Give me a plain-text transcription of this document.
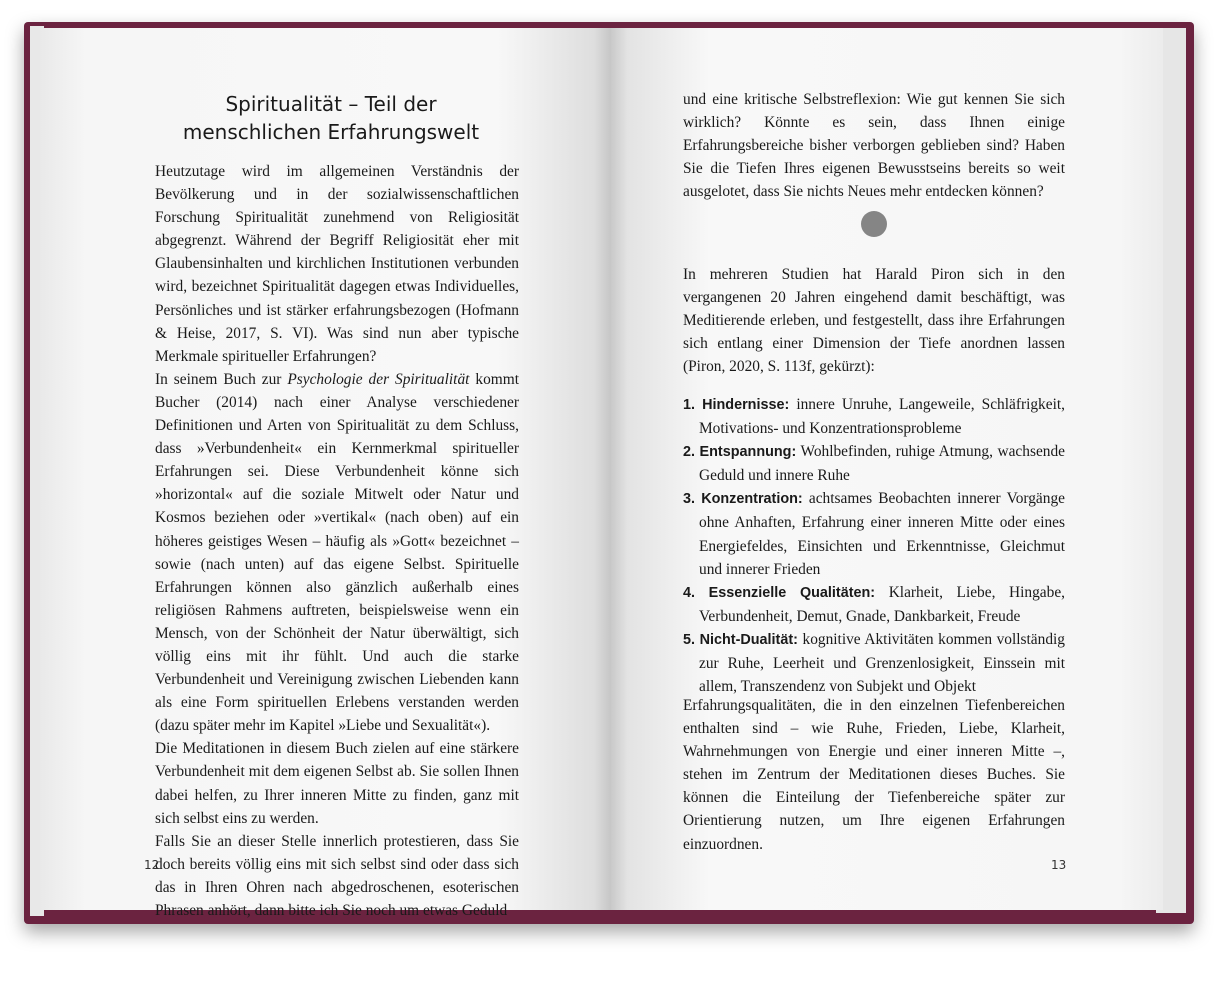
Spiritualität – Teil der
menschlichen Erfahrungswelt

Heutzutage wird im allgemeinen Verständnis der Bevölkerung und in der sozialwissenschaftlichen Forschung Spiritualität zunehmend von Religiosität abgegrenzt. Während der Begriff Religiosität eher mit Glaubensinhalten und kirchlichen Institutionen verbunden wird, bezeichnet Spiritualität dagegen etwas Individuelles, Persönliches und ist stärker erfahrungsbezogen (Hofmann & Heise, 2017, S. VI). Was sind nun aber typische Merkmale spiritueller Erfahrungen?

In seinem Buch zur Psychologie der Spiritualität kommt Bucher (2014) nach einer Analyse verschiedener Definitionen und Arten von Spiritualität zu dem Schluss, dass »Verbundenheit« ein Kernmerkmal spiritueller Erfahrungen sei. Diese Verbundenheit könne sich »horizontal« auf die soziale Mitwelt oder Natur und Kosmos beziehen oder »vertikal« (nach oben) auf ein höheres geistiges Wesen – häufig als »Gott« bezeichnet – sowie (nach unten) auf das eigene Selbst. Spirituelle Erfahrungen können also gänzlich außerhalb eines religiösen Rahmens auftreten, beispielsweise wenn ein Mensch, von der Schönheit der Natur überwältigt, sich völlig eins mit ihr fühlt. Und auch die starke Verbundenheit und Vereinigung zwischen Liebenden kann als eine Form spirituellen Erlebens verstanden werden (dazu später mehr im Kapitel »Liebe und Sexualität«).

Die Meditationen in diesem Buch zielen auf eine stärkere Verbundenheit mit dem eigenen Selbst ab. Sie sollen Ihnen dabei helfen, zu Ihrer inneren Mitte zu finden, ganz mit sich selbst eins zu werden.

Falls Sie an dieser Stelle innerlich protestieren, dass Sie doch bereits völlig eins mit sich selbst sind oder dass sich das in Ihren Ohren nach abgedroschenen, esoterischen Phrasen anhört, dann bitte ich Sie noch um etwas Geduld

12

und eine kritische Selbstreflexion: Wie gut kennen Sie sich wirklich? Könnte es sein, dass Ihnen einige Erfahrungsbereiche bisher verborgen geblieben sind? Haben Sie die Tiefen Ihres eigenen Bewusstseins bereits so weit ausgelotet, dass Sie nichts Neues mehr entdecken können?

In mehreren Studien hat Harald Piron sich in den vergangenen 20 Jahren eingehend damit beschäftigt, was Meditierende erleben, und festgestellt, dass ihre Erfahrungen sich entlang einer Dimension der Tiefe anordnen lassen (Piron, 2020, S. 113f, gekürzt):

1. Hindernisse: innere Unruhe, Langeweile, Schläfrigkeit, Motivations- und Konzentrationsprobleme
2. Entspannung: Wohlbefinden, ruhige Atmung, wachsende Geduld und innere Ruhe
3. Konzentration: achtsames Beobachten innerer Vorgänge ohne Anhaften, Erfahrung einer inneren Mitte oder eines Energiefeldes, Einsichten und Erkenntnisse, Gleichmut und innerer Frieden
4. Essenzielle Qualitäten: Klarheit, Liebe, Hingabe, Verbundenheit, Demut, Gnade, Dankbarkeit, Freude
5. Nicht-Dualität: kognitive Aktivitäten kommen vollständig zur Ruhe, Leerheit und Grenzenlosigkeit, Einssein mit allem, Transzendenz von Subjekt und Objekt

Erfahrungsqualitäten, die in den einzelnen Tiefenbereichen enthalten sind – wie Ruhe, Frieden, Liebe, Klarheit, Wahrnehmungen von Energie und einer inneren Mitte –, stehen im Zentrum der Meditationen dieses Buches. Sie können die Einteilung der Tiefenbereiche später zur Orientierung nutzen, um Ihre eigenen Erfahrungen einzuordnen.

13
